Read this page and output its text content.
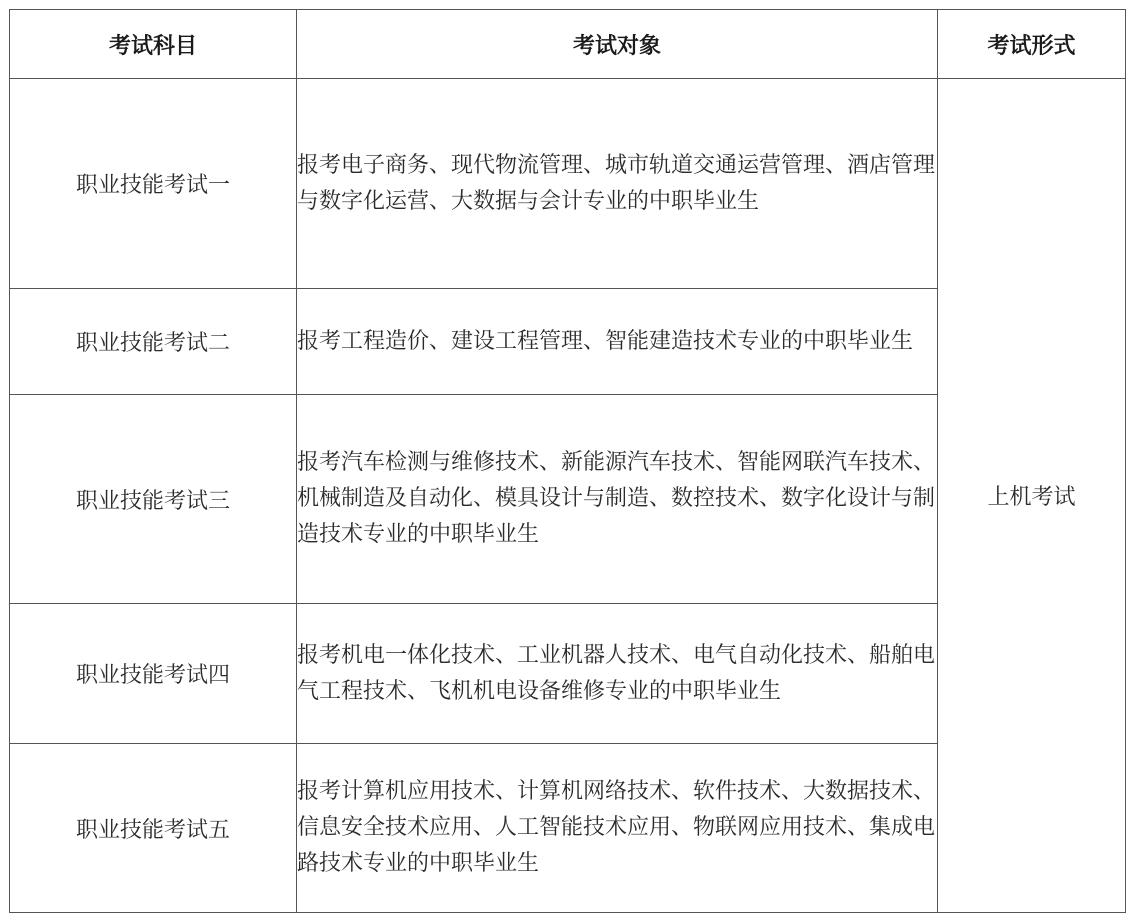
考试科目	考试对象	考试形式
职业技能考试一	报考电子商务、现代物流管理、城市轨道交通运营管理、酒店管理与数字化运营、大数据与会计专业的中职毕业生	上机考试
职业技能考试二	报考工程造价、建设工程管理、智能建造技术专业的中职毕业生	
职业技能考试三	报考汽车检测与维修技术、新能源汽车技术、智能网联汽车技术、机械制造及自动化、模具设计与制造、数控技术、数字化设计与制造技术专业的中职毕业生	
职业技能考试四	报考机电一体化技术、工业机器人技术、电气自动化技术、船舶电气工程技术、飞机机电设备维修专业的中职毕业生	
职业技能考试五	报考计算机应用技术、计算机网络技术、软件技术、大数据技术、信息安全技术应用、人工智能技术应用、物联网应用技术、集成电路技术专业的中职毕业生	
